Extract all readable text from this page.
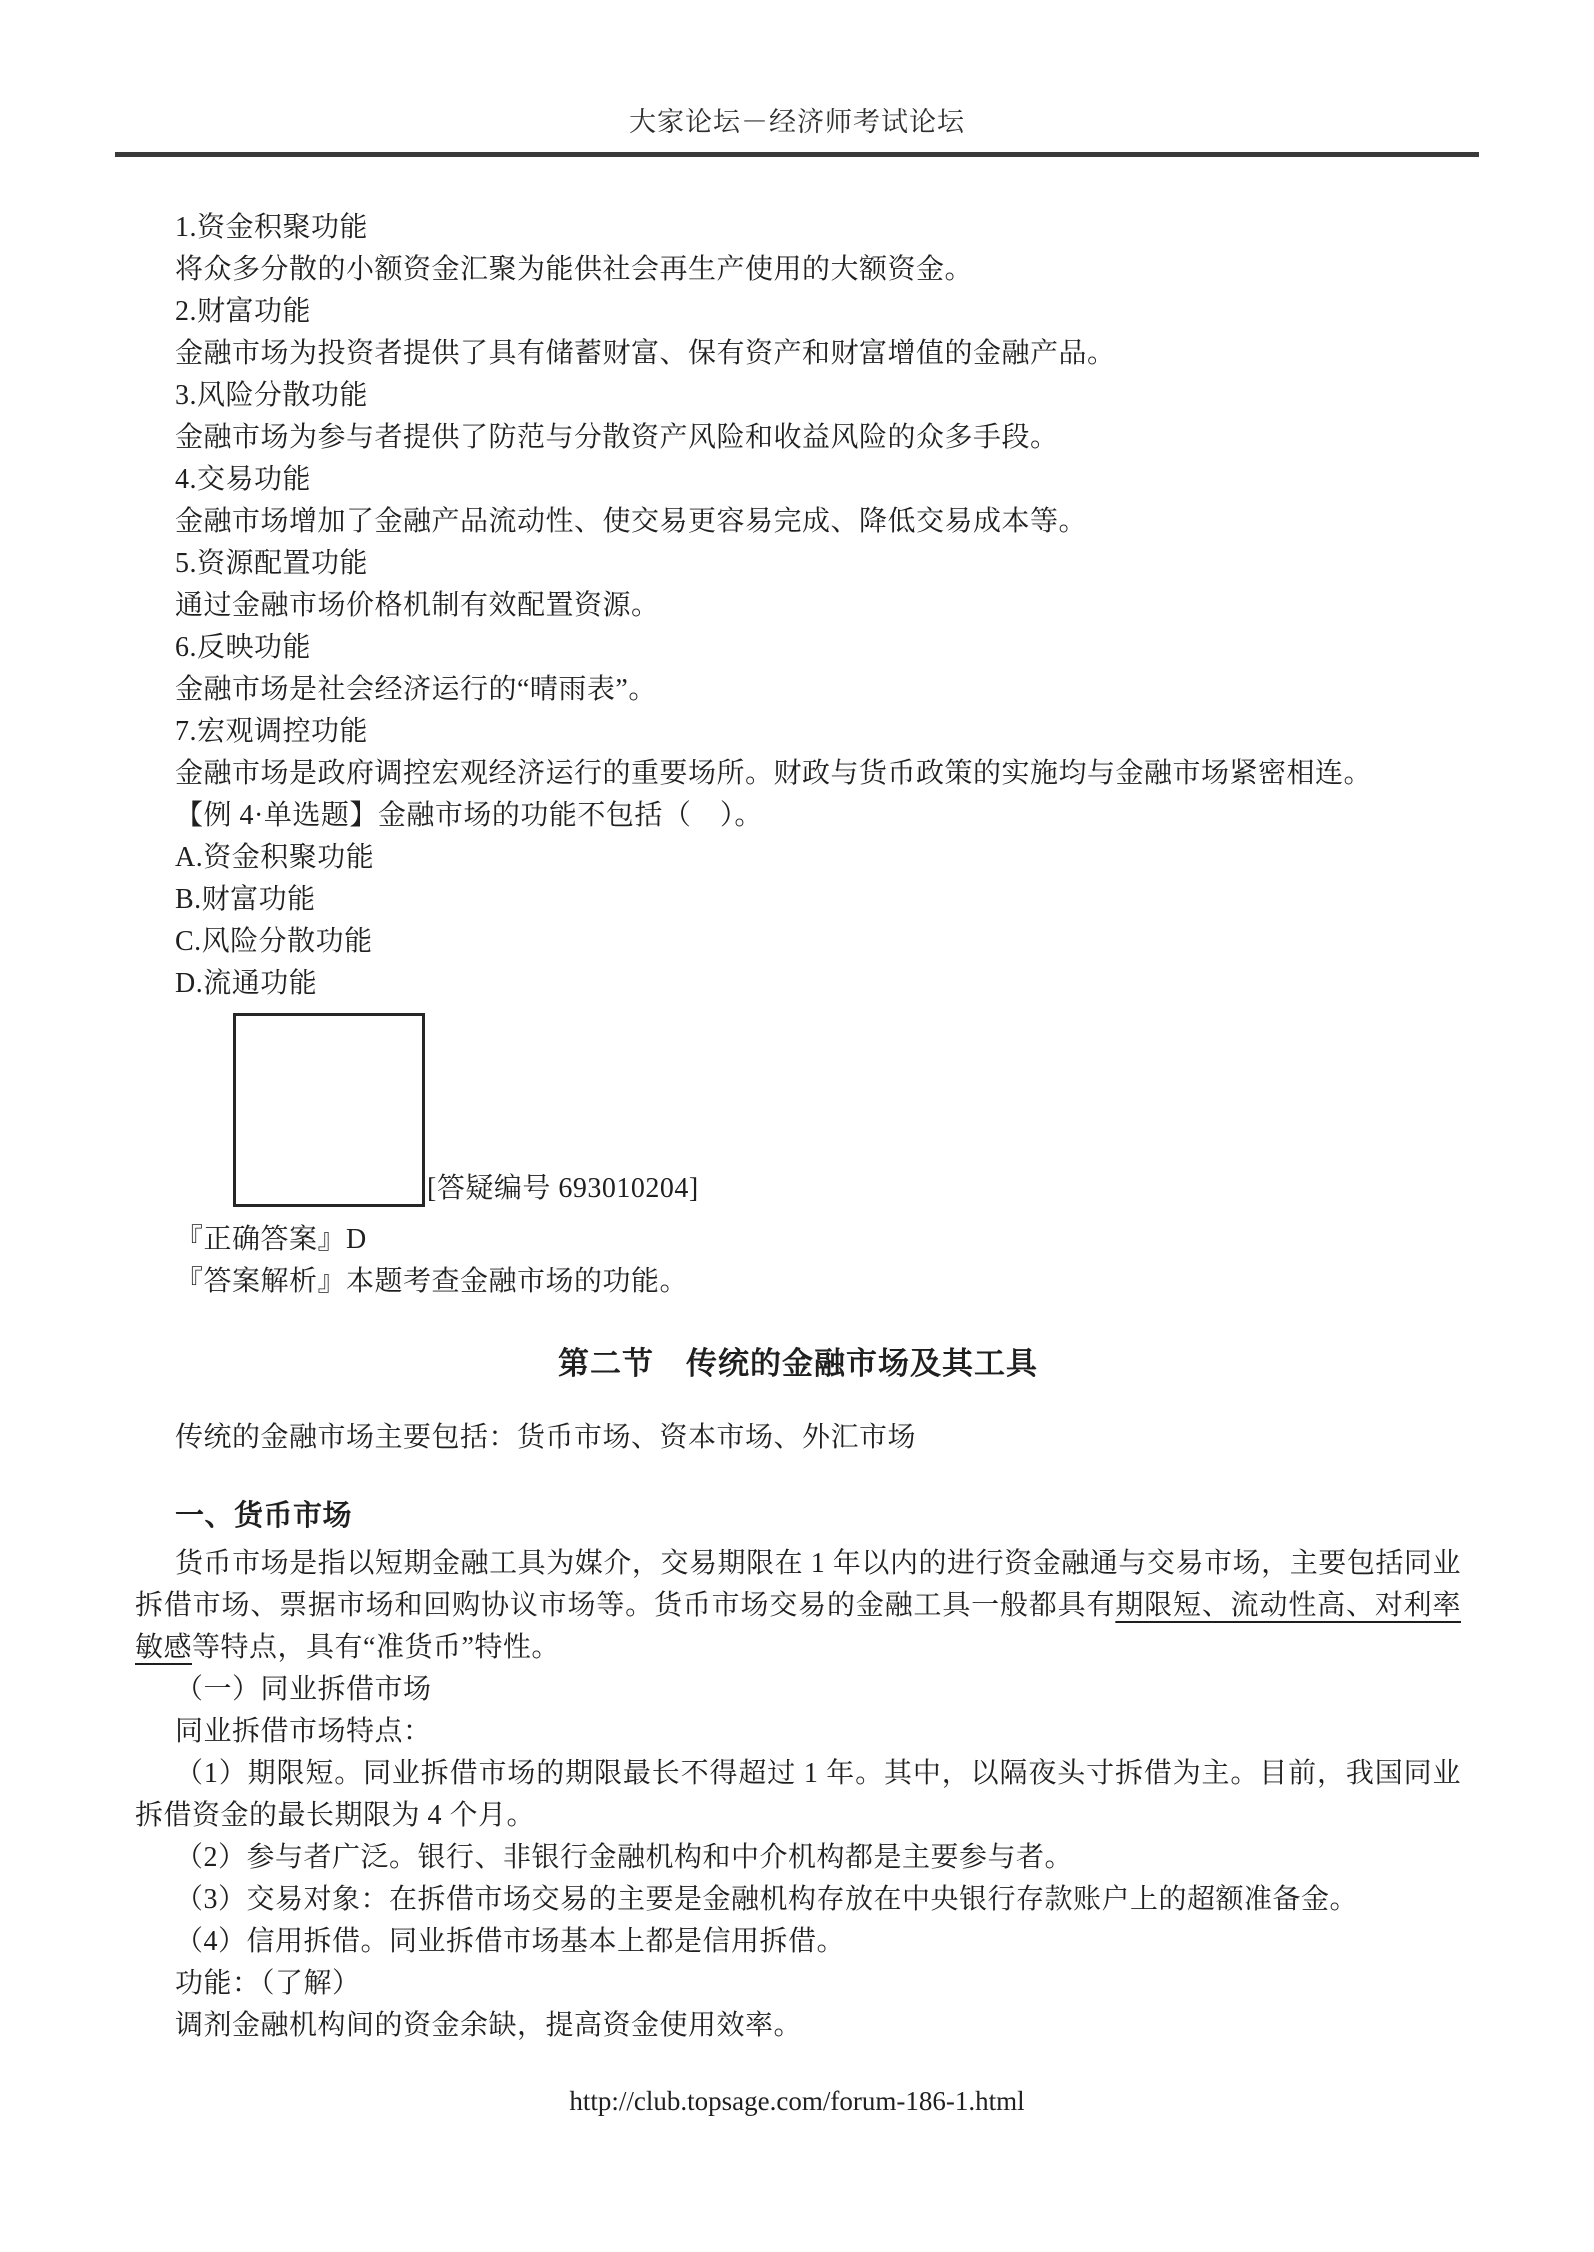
大家论坛－经济师考试论坛

1.资金积聚功能

将众多分散的小额资金汇聚为能供社会再生产使用的大额资金。

2.财富功能

金融市场为投资者提供了具有储蓄财富、保有资产和财富增值的金融产品。

3.风险分散功能

金融市场为参与者提供了防范与分散资产风险和收益风险的众多手段。

4.交易功能

金融市场增加了金融产品流动性、使交易更容易完成、降低交易成本等。

5.资源配置功能

通过金融市场价格机制有效配置资源。

6.反映功能

金融市场是社会经济运行的“晴雨表”。

7.宏观调控功能

金融市场是政府调控宏观经济运行的重要场所。财政与货币政策的实施均与金融市场紧密相连。

【例 4·单选题】金融市场的功能不包括（　）。

A.资金积聚功能

B.财富功能

C.风险分散功能

D.流通功能

[答疑编号 693010204]

『正确答案』D

『答案解析』本题考查金融市场的功能。

第二节　传统的金融市场及其工具

传统的金融市场主要包括：货币市场、资本市场、外汇市场

一、货币市场

货币市场是指以短期金融工具为媒介，交易期限在 1 年以内的进行资金融通与交易市场，主要包括同业拆借市场、票据市场和回购协议市场等。货币市场交易的金融工具一般都具有期限短、流动性高、对利率敏感等特点，具有“准货币”特性。

（一）同业拆借市场

同业拆借市场特点：

（1）期限短。同业拆借市场的期限最长不得超过 1 年。其中，以隔夜头寸拆借为主。目前，我国同业拆借资金的最长期限为 4 个月。

（2）参与者广泛。银行、非银行金融机构和中介机构都是主要参与者。

（3）交易对象：在拆借市场交易的主要是金融机构存放在中央银行存款账户上的超额准备金。

（4）信用拆借。同业拆借市场基本上都是信用拆借。

功能：（了解）

调剂金融机构间的资金余缺，提高资金使用效率。

http://club.topsage.com/forum-186-1.html
